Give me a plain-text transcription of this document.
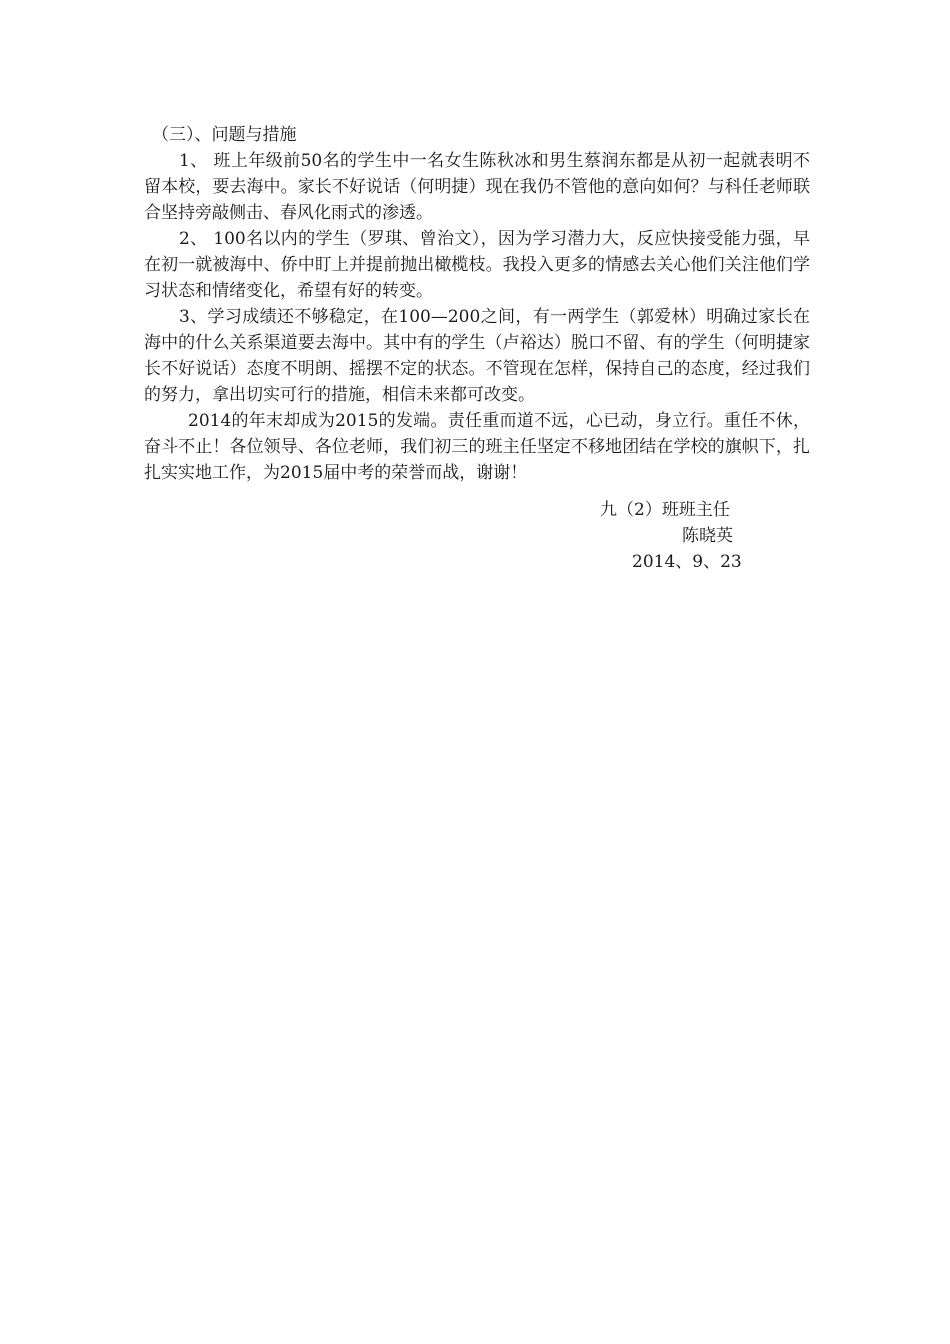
（三）、问题与措施

1、 班上年级前50名的学生中一名女生陈秋冰和男生蔡润东都是从初一起就表明不留本校，要去海中。家长不好说话（何明捷）现在我仍不管他的意向如何？与科任老师联合坚持旁敲侧击、春风化雨式的渗透。

2、 100名以内的学生（罗琪、曾治文），因为学习潜力大，反应快接受能力强，早在初一就被海中、侨中盯上并提前抛出橄榄枝。我投入更多的情感去关心他们关注他们学习状态和情绪变化，希望有好的转变。

3、学习成绩还不够稳定，在100—200之间，有一两学生（郭爱林）明确过家长在海中的什么关系渠道要去海中。其中有的学生（卢裕达）脱口不留、有的学生（何明捷家长不好说话）态度不明朗、摇摆不定的状态。不管现在怎样，保持自己的态度，经过我们的努力，拿出切实可行的措施，相信未来都可改变。

2014的年末却成为2015的发端。责任重而道不远，心已动，身立行。重任不休，奋斗不止！各位领导、各位老师，我们初三的班主任坚定不移地团结在学校的旗帜下，扎扎实实地工作，为2015届中考的荣誉而战，谢谢！

九（2）班班主任

陈晓英

2014、9、23
